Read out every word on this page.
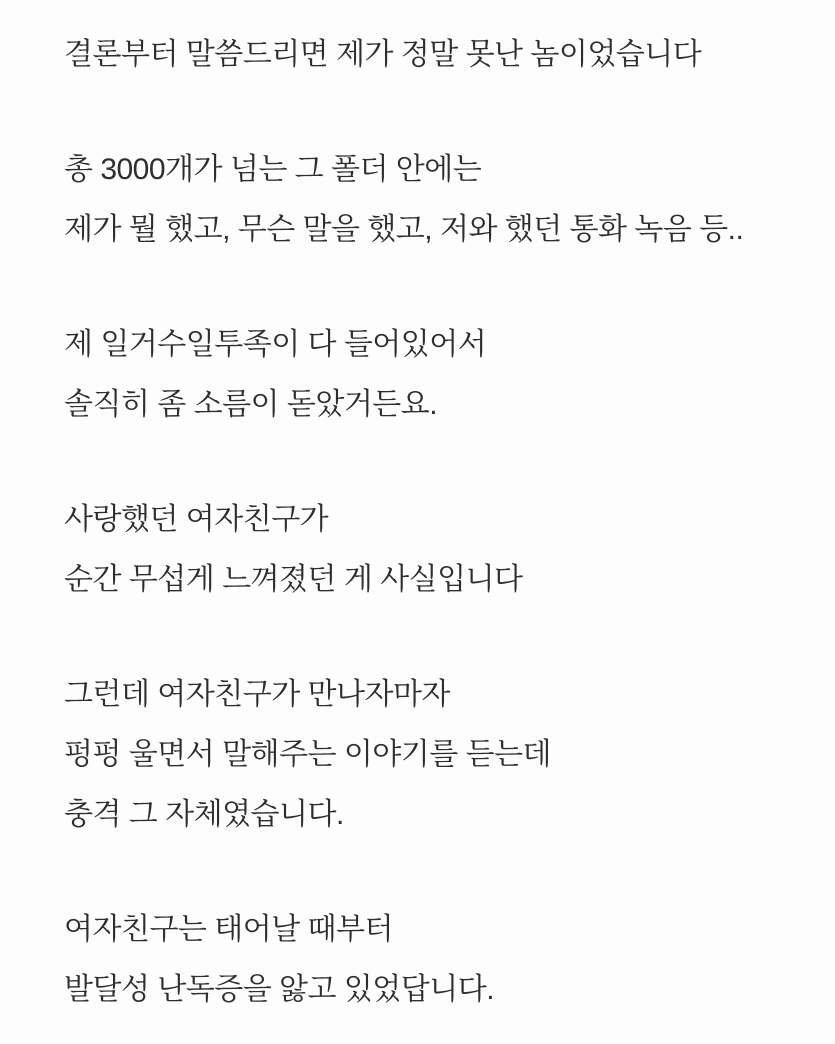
결론부터 말씀드리면 제가 정말 못난 놈이었습니다

총 3000개가 넘는 그 폴더 안에는

제가 뭘 했고, 무슨 말을 했고, 저와 했던 통화 녹음 등..

제 일거수일투족이 다 들어있어서

솔직히 좀 소름이 돋았거든요.

사랑했던 여자친구가

순간 무섭게 느껴졌던 게 사실입니다

그런데 여자친구가 만나자마자

펑펑 울면서 말해주는 이야기를 듣는데

충격 그 자체였습니다.

여자친구는 태어날 때부터

발달성 난독증을 앓고 있었답니다.
